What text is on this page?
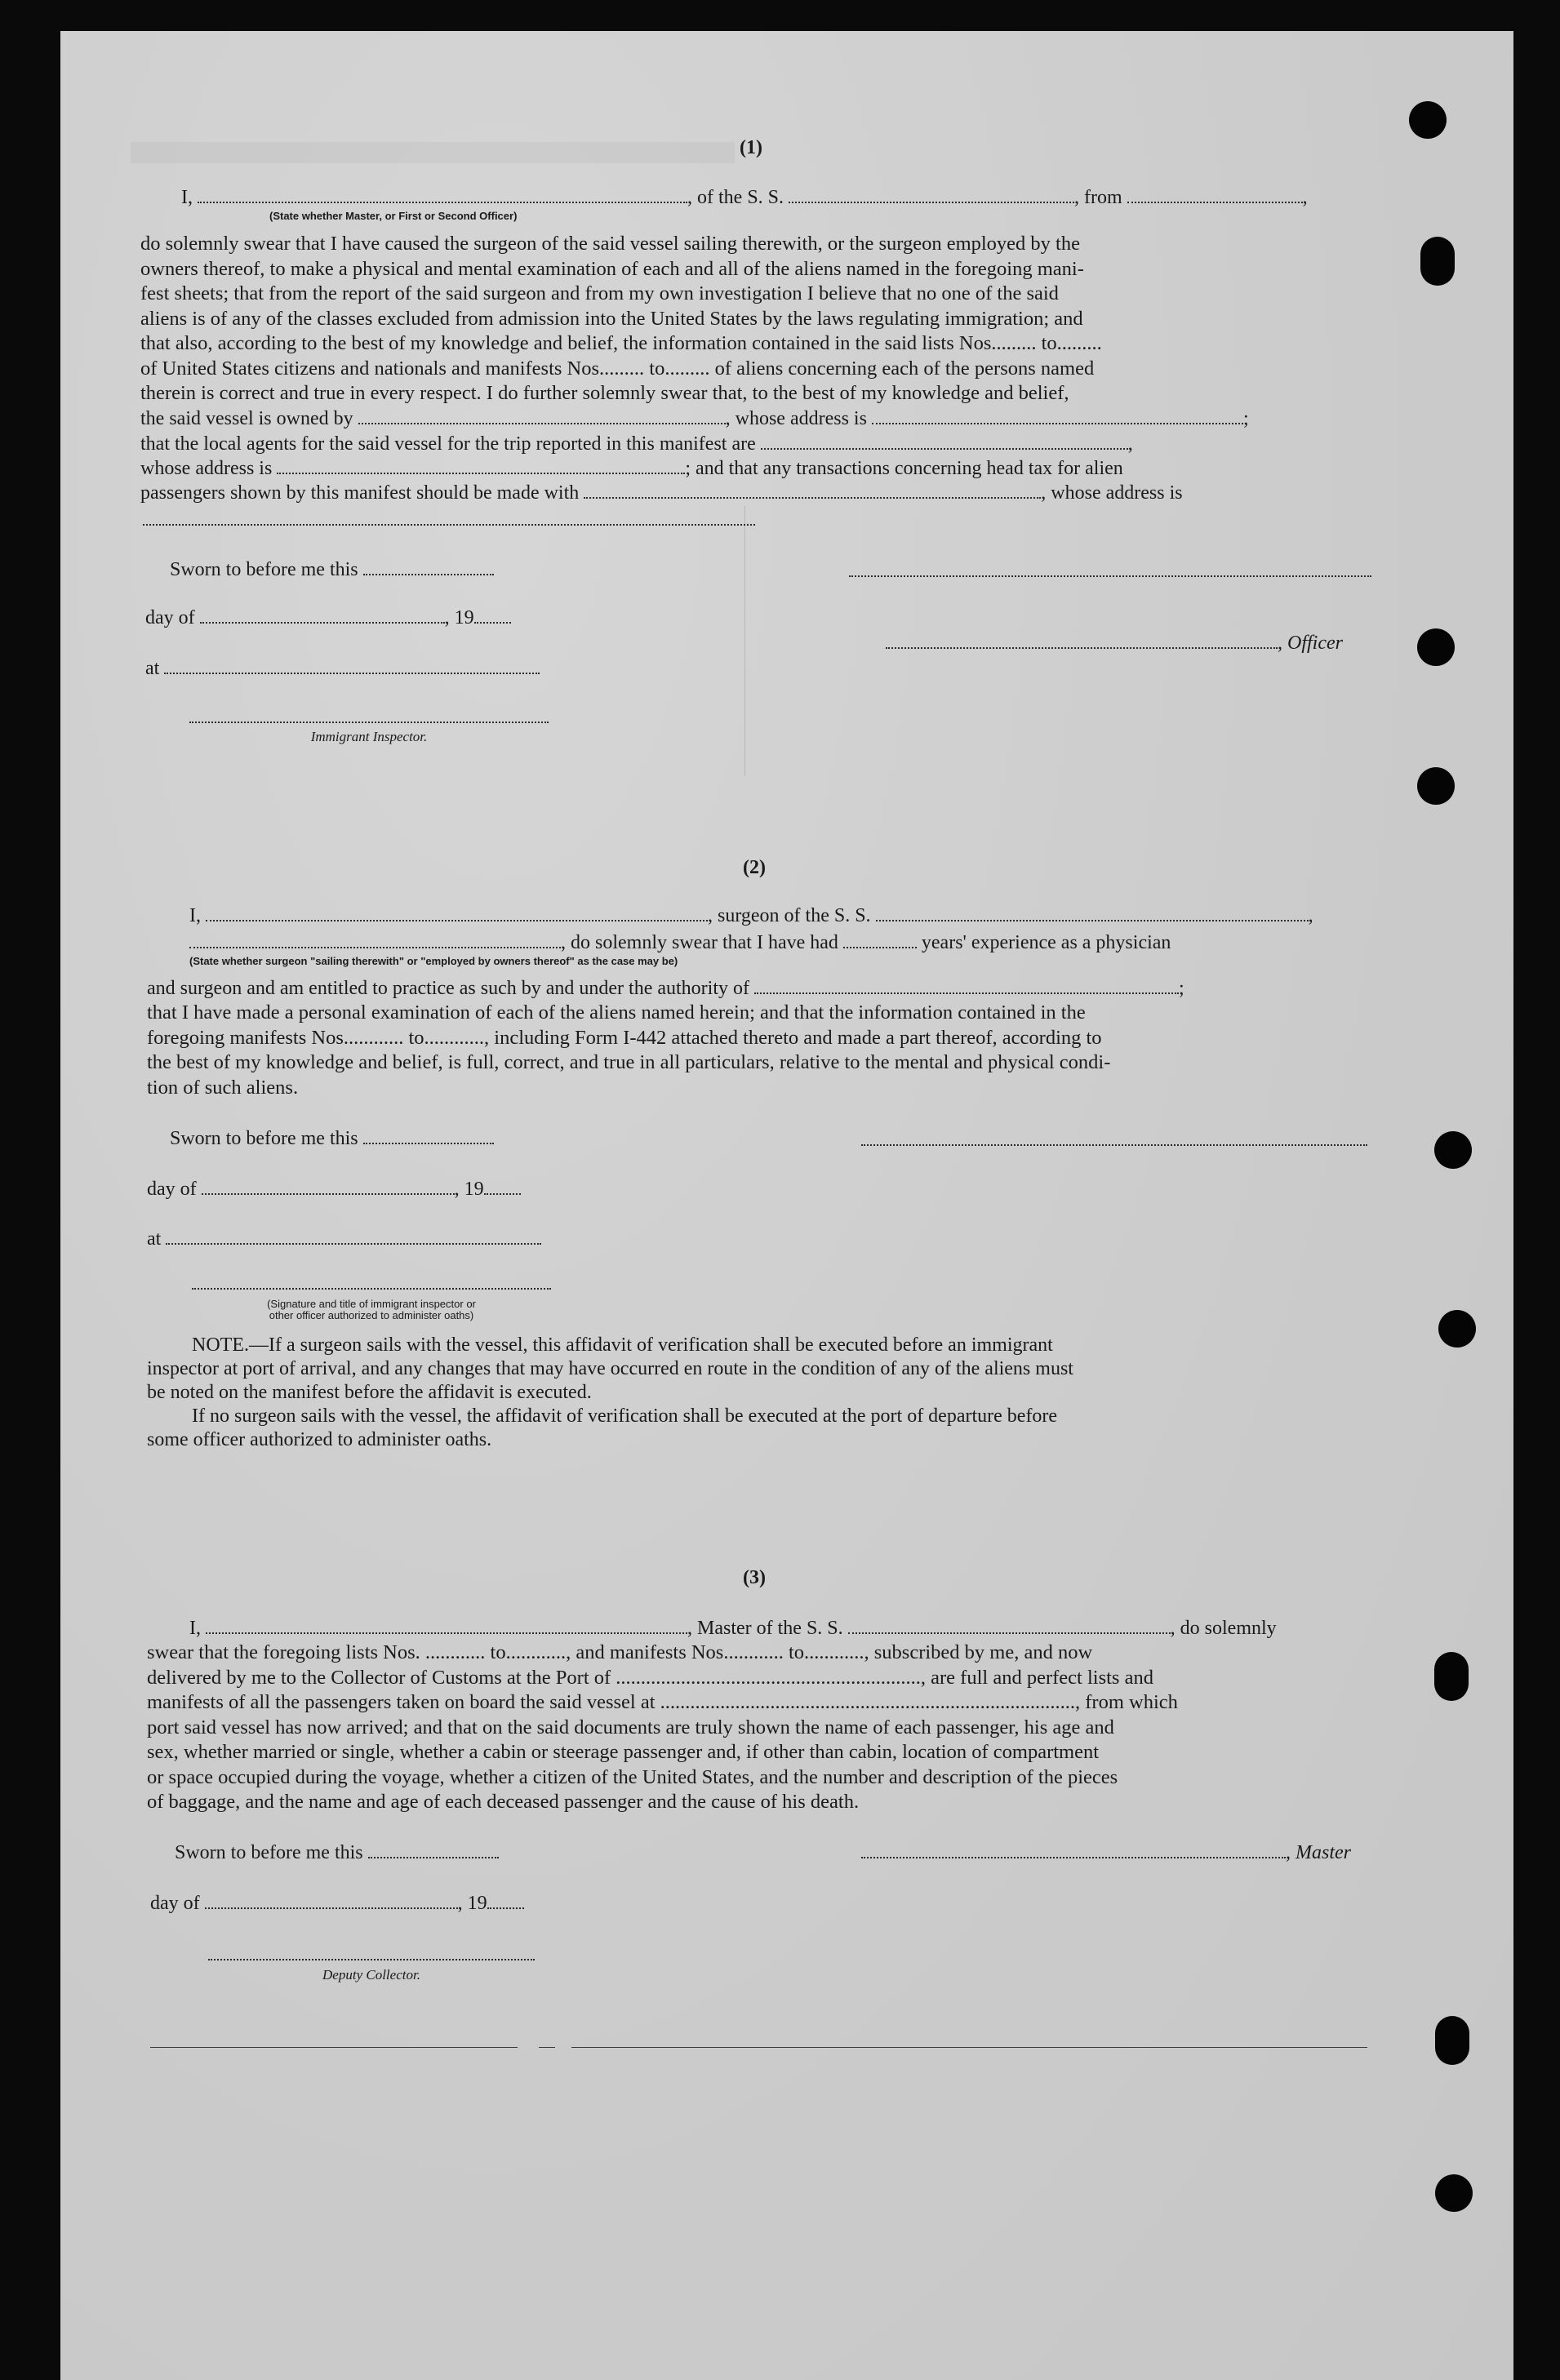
(1)
I,	, of the S. S.	, from	,
(State whether Master, or First or Second Officer)
do solemnly swear that I have caused the surgeon of the said vessel sailing therewith, or the surgeon employed by the
owners thereof, to make a physical and mental examination of each and all of the aliens named in the foregoing mani-
fest sheets; that from the report of the said surgeon and from my own investigation I believe that no one of the said
aliens is of any of the classes excluded from admission into the United States by the laws regulating immigration; and
that also, according to the best of my knowledge and belief, the information contained in the said lists Nos......... to.........
of United States citizens and nationals and manifests Nos......... to......... of aliens concerning each of the persons named
therein is correct and true in every respect. I do further solemnly swear that, to the best of my knowledge and belief,
the said vessel is owned by	, whose address is	;
that the local agents for the said vessel for the trip reported in this manifest are	,
whose address is	; and that any transactions concerning head tax for alien
passengers shown by this manifest should be made with	, whose address is
Sworn to before me this
day of	, 19
, Officer
at
Immigrant Inspector.
(2)
I,	, surgeon of the S. S.	,
, do solemnly swear that I have had	years' experience as a physician
(State whether surgeon "sailing therewith" or "employed by owners thereof" as the case may be)
and surgeon and am entitled to practice as such by and under the authority of	;
that I have made a personal examination of each of the aliens named herein; and that the information contained in the
foregoing manifests Nos............ to............, including Form I-442 attached thereto and made a part thereof, according to
the best of my knowledge and belief, is full, correct, and true in all particulars, relative to the mental and physical condi-
tion of such aliens.
Sworn to before me this
day of	, 19
at
(Signature and title of immigrant inspector or
other officer authorized to administer oaths)
NOTE.—If a surgeon sails with the vessel, this affidavit of verification shall be executed before an immigrant
inspector at port of arrival, and any changes that may have occurred en route in the condition of any of the aliens must
be noted on the manifest before the affidavit is executed.
If no surgeon sails with the vessel, the affidavit of verification shall be executed at the port of departure before
some officer authorized to administer oaths.
(3)
I,	, Master of the S. S.	, do solemnly
swear that the foregoing lists Nos. ............ to............, and manifests Nos............ to............, subscribed by me, and now
delivered by me to the Collector of Customs at the Port of ............................................................., are full and perfect lists and
manifests of all the passengers taken on board the said vessel at ..................................................................................., from which
port said vessel has now arrived; and that on the said documents are truly shown the name of each passenger, his age and
sex, whether married or single, whether a cabin or steerage passenger and, if other than cabin, location of compartment
or space occupied during the voyage, whether a citizen of the United States, and the number and description of the pieces
of baggage, and the name and age of each deceased passenger and the cause of his death.
Sworn to before me this	, Master
day of	, 19
Deputy Collector.
